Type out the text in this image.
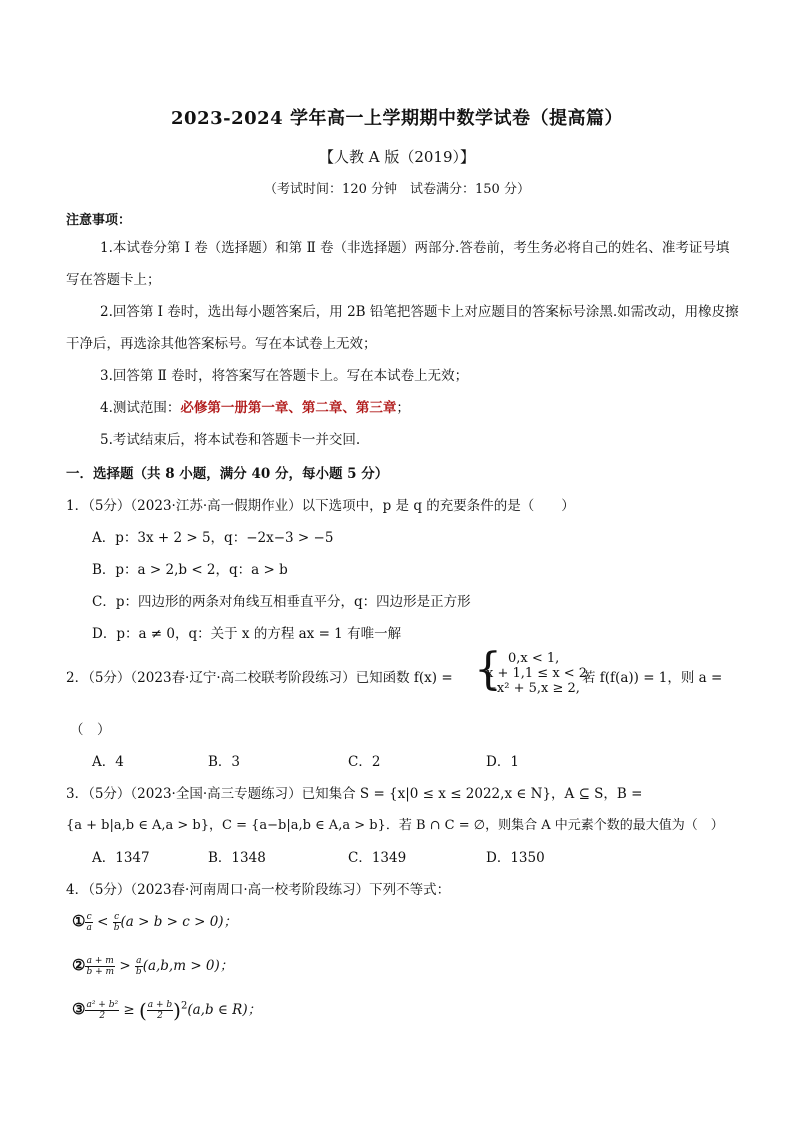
2023-2024 学年高一上学期期中数学试卷（提高篇）
【人教 A 版（2019）】
（考试时间：120 分钟　试卷满分：150 分）
注意事项：
1.本试卷分第 Ⅰ 卷（选择题）和第 Ⅱ 卷（非选择题）两部分.答卷前，考生务必将自己的姓名、准考证号填
写在答题卡上；
2.回答第 Ⅰ 卷时，选出每小题答案后，用 2B 铅笔把答题卡上对应题目的答案标号涂黑.如需改动，用橡皮擦
干净后，再选涂其他答案标号。写在本试卷上无效；
3.回答第 Ⅱ 卷时，将答案写在答题卡上。写在本试卷上无效；
4.测试范围：必修第一册第一章、第二章、第三章；
5.考试结束后，将本试卷和答题卡一并交回.
一．选择题（共 8 小题，满分 40 分，每小题 5 分）
1．（5分）（2023·江苏·高一假期作业）以下选项中，p 是 q 的充要条件的是（　　）
A．p：3x + 2 > 5，q：−2x−3 > −5
B．p：a > 2,b < 2，q：a > b
C．p：四边形的两条对角线互相垂直平分，q：四边形是正方形
D．p：a ≠ 0，q：关于 x 的方程 ax = 1 有唯一解
2．（5分）（2023春·辽宁·高二校联考阶段练习）已知函数 f(x) = { 0,x < 1,
x + 1,1 ≤ x < 2,
−x² + 5,x ≥ 2,
若 f(f(a)) = 1，则 a =
（　）
A．4	B．3	C．2	D．1
3．（5分）（2023·全国·高三专题练习）已知集合 S = {x|0 ≤ x ≤ 2022,x ∈ N}，A ⊆ S，B =
{a + b|a,b ∈ A,a > b}，C = {a−b|a,b ∈ A,a > b}．若 B ∩ C = ∅，则集合 A 中元素个数的最大值为（　）
A．1347	B．1348	C．1349	D．1350
4．（5分）（2023春·河南周口·高一校考阶段练习）下列不等式：
① $\frac{c}{a} < \frac{c}{b} (a > b > c > 0)$；
② $\frac{a + m}{b + m} > \frac{a}{b} (a,b,m > 0)$；
③ $\frac{\text{a² + b²}}{2}$ ≥ ( $\frac{a + b}{2} )^2(a,b$ ∈ R)；
